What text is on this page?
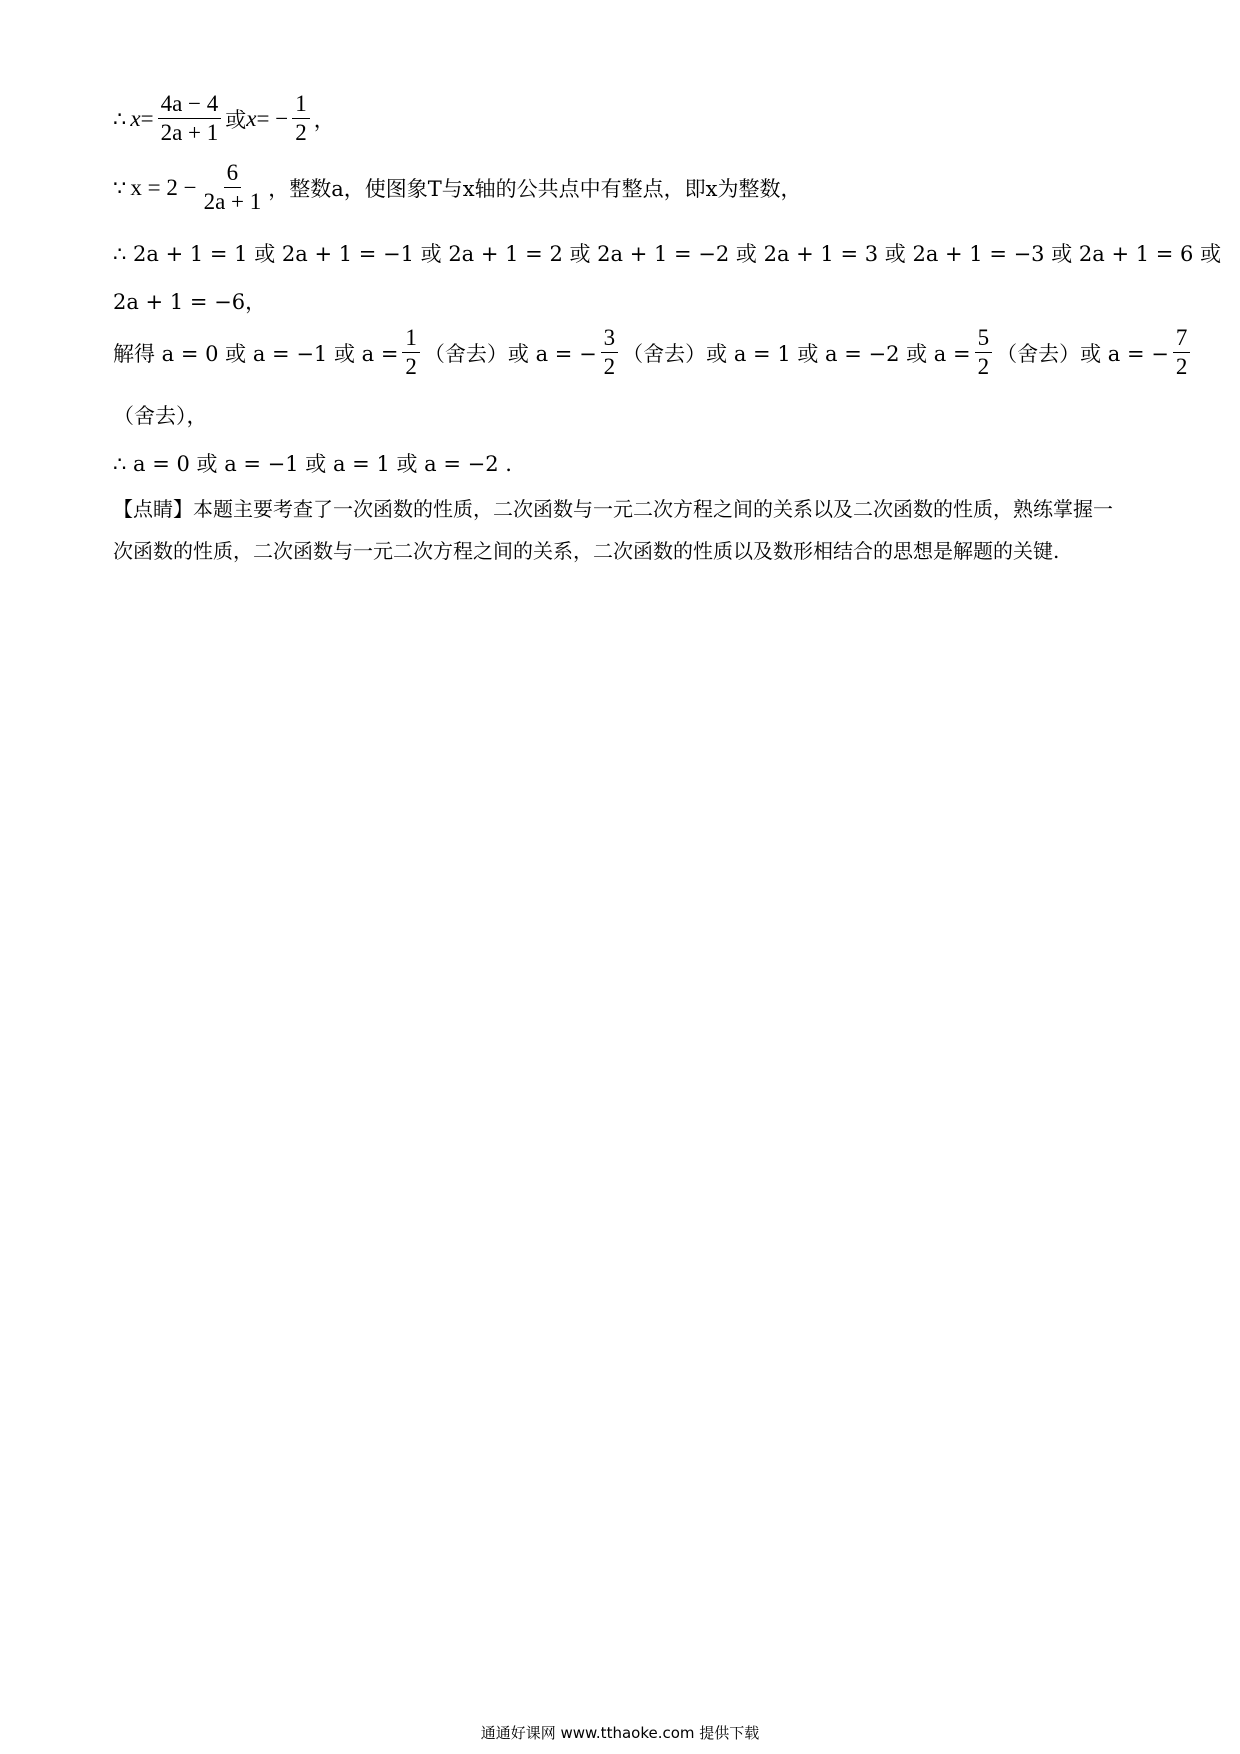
∴ $x = \frac{4a - 4}{2a + 1}$ 或 x = − $\frac{1}{2}$ ，
∵ $x = 2 - \frac{6}{2a + 1}$ ，整数a，使图象T与x轴的公共点中有整点，即x为整数，
∴ 2a + 1 = 1 或 2a + 1 = −1 或 2a + 1 = 2 或 2a + 1 = −2 或 2a + 1 = 3 或 2a + 1 = −3 或 2a + 1 = 6 或
2a + 1 = −6，
解得 a = 0 或 a = −1 或 $a = \frac{1}{2}$ （舍去）或 a = − $\frac{3}{2}$ （舍去）或 a = 1 或 a = −2 或 $a = \frac{5}{2}$ （舍去）或 a = − $\frac{7}{2}$
（舍去），
∴ a = 0 或 a = −1 或 a = 1 或 a = −2 .
【点睛】本题主要考查了一次函数的性质，二次函数与一元二次方程之间的关系以及二次函数的性质，熟练掌握一次函数的性质，二次函数与一元二次方程之间的关系，二次函数的性质以及数形相结合的思想是解题的关键.
通通好课网 www.tthaoke.com 提供下载
